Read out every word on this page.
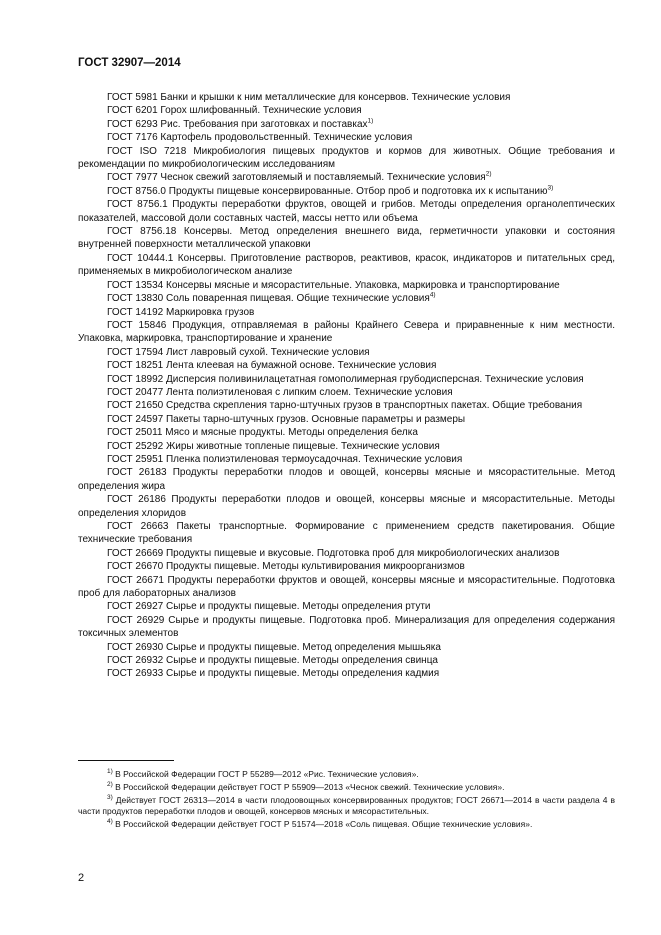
ГОСТ 32907—2014

ГОСТ 5981 Банки и крышки к ним металлические для консервов. Технические условия

ГОСТ 6201 Горох шлифованный. Технические условия

ГОСТ 6293 Рис. Требования при заготовках и поставках$^{1)}$

ГОСТ 7176 Картофель продовольственный. Технические условия

ГОСТ ISO 7218 Микробиология пищевых продуктов и кормов для животных. Общие требования и рекомендации по микробиологическим исследованиям

ГОСТ 7977 Чеснок свежий заготовляемый и поставляемый. Технические условия$^{2)}$

ГОСТ 8756.0 Продукты пищевые консервированные. Отбор проб и подготовка их к испытанию$^{3)}$

ГОСТ 8756.1 Продукты переработки фруктов, овощей и грибов. Методы определения органолептических показателей, массовой доли составных частей, массы нетто или объема

ГОСТ 8756.18 Консервы. Метод определения внешнего вида, герметичности упаковки и состояния внутренней поверхности металлической упаковки

ГОСТ 10444.1 Консервы. Приготовление растворов, реактивов, красок, индикаторов и питательных сред, применяемых в микробиологическом анализе

ГОСТ 13534 Консервы мясные и мясорастительные. Упаковка, маркировка и транспортирование

ГОСТ 13830 Соль поваренная пищевая. Общие технические условия$^{4)}$

ГОСТ 14192 Маркировка грузов

ГОСТ 15846 Продукция, отправляемая в районы Крайнего Севера и приравненные к ним местности. Упаковка, маркировка, транспортирование и хранение

ГОСТ 17594 Лист лавровый сухой. Технические условия

ГОСТ 18251 Лента клеевая на бумажной основе. Технические условия

ГОСТ 18992 Дисперсия поливинилацетатная гомополимерная грубодисперсная. Технические условия

ГОСТ 20477 Лента полиэтиленовая с липким слоем. Технические условия

ГОСТ 21650 Средства скрепления тарно-штучных грузов в транспортных пакетах. Общие требования

ГОСТ 24597 Пакеты тарно-штучных грузов. Основные параметры и размеры

ГОСТ 25011 Мясо и мясные продукты. Методы определения белка

ГОСТ 25292 Жиры животные топленые пищевые. Технические условия

ГОСТ 25951 Пленка полиэтиленовая термоусадочная. Технические условия

ГОСТ 26183 Продукты переработки плодов и овощей, консервы мясные и мясорастительные. Метод определения жира

ГОСТ 26186 Продукты переработки плодов и овощей, консервы мясные и мясорастительные. Методы определения хлоридов

ГОСТ 26663 Пакеты транспортные. Формирование с применением средств пакетирования. Общие технические требования

ГОСТ 26669 Продукты пищевые и вкусовые. Подготовка проб для микробиологических анализов

ГОСТ 26670 Продукты пищевые. Методы культивирования микроорганизмов

ГОСТ 26671 Продукты переработки фруктов и овощей, консервы мясные и мясорастительные. Подготовка проб для лабораторных анализов

ГОСТ 26927 Сырье и продукты пищевые. Методы определения ртути

ГОСТ 26929 Сырье и продукты пищевые. Подготовка проб. Минерализация для определения содержания токсичных элементов

ГОСТ 26930 Сырье и продукты пищевые. Метод определения мышьяка

ГОСТ 26932 Сырье и продукты пищевые. Методы определения свинца

ГОСТ 26933 Сырье и продукты пищевые. Методы определения кадмия

$^{1)}$ В Российской Федерации ГОСТ Р 55289—2012 «Рис. Технические условия».

$^{2)}$ В Российской Федерации действует ГОСТ Р 55909—2013 «Чеснок свежий. Технические условия».

$^{3)}$ Действует ГОСТ 26313—2014 в части плодоовощных консервированных продуктов; ГОСТ 26671—2014 в части раздела 4 в части продуктов переработки плодов и овощей, консервов мясных и мясорастительных.

$^{4)}$ В Российской Федерации действует ГОСТ Р 51574—2018 «Соль пищевая. Общие технические условия».

2
